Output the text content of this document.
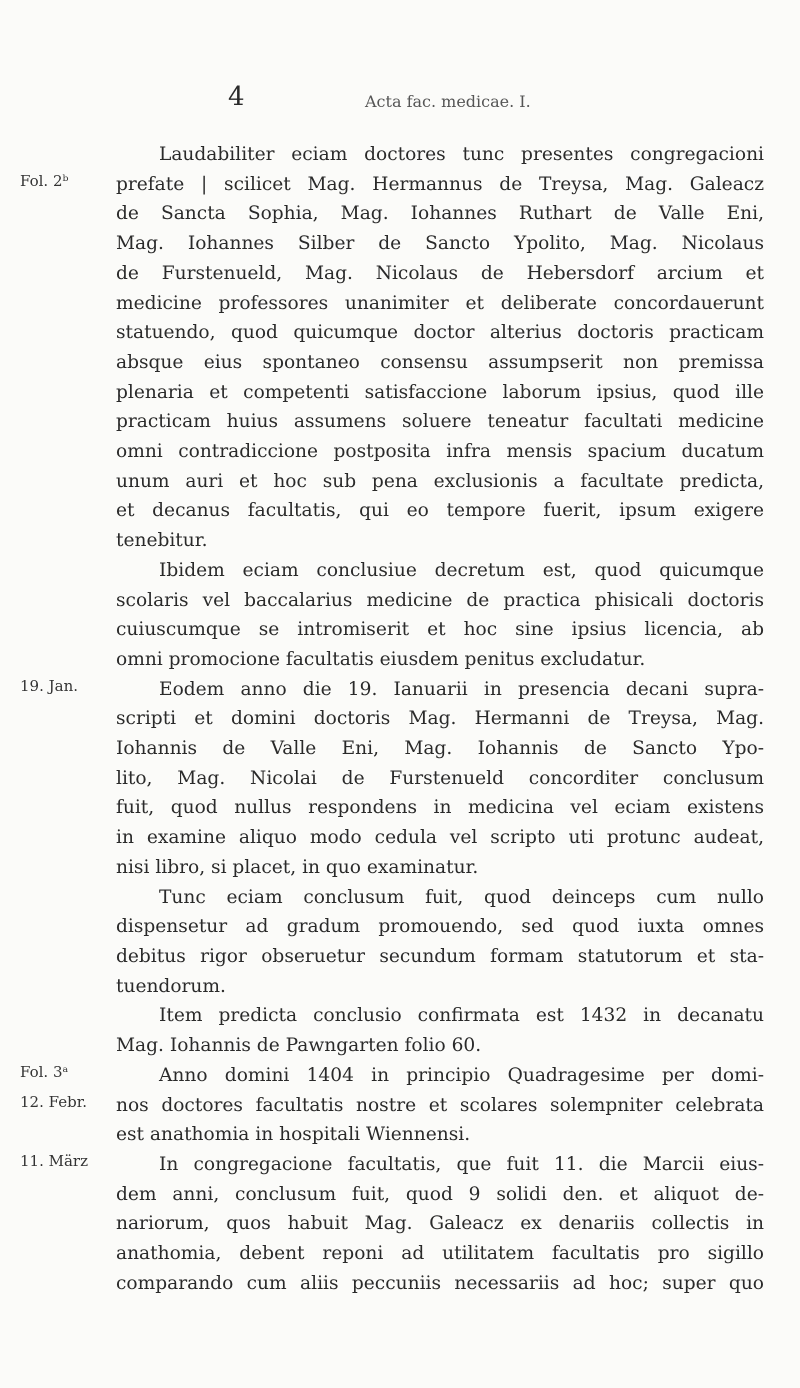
4	Acta fac. medicae. I.
Fol. 2ᵇ
19. Jan.
Fol. 3ᵃ
12. Febr.
11. März

Laudabiliter eciam doctores tunc presentes congregacioni
prefate | scilicet Mag. Hermannus de Treysa, Mag. Galeacz
de Sancta Sophia, Mag. Iohannes Ruthart de Valle Eni,
Mag. Iohannes Silber de Sancto Ypolito, Mag. Nicolaus
de Furstenueld, Mag. Nicolaus de Hebersdorf arcium et
medicine professores unanimiter et deliberate concordauerunt
statuendo, quod quicumque doctor alterius doctoris practicam
absque eius spontaneo consensu assumpserit non premissa
plenaria et competenti satisfaccione laborum ipsius, quod ille
practicam huius assumens soluere teneatur facultati medicine
omni contradiccione postposita infra mensis spacium ducatum
unum auri et hoc sub pena exclusionis a facultate predicta,
et decanus facultatis, qui eo tempore fuerit, ipsum exigere
tenebitur.

Ibidem eciam conclusiue decretum est, quod quicumque
scolaris vel baccalarius medicine de practica phisicali doctoris
cuiuscumque se intromiserit et hoc sine ipsius licencia, ab
omni promocione facultatis eiusdem penitus excludatur.

Eodem anno die 19. Ianuarii in presencia decani supra-
scripti et domini doctoris Mag. Hermanni de Treysa, Mag.
Iohannis de Valle Eni, Mag. Iohannis de Sancto Ypo-
lito, Mag. Nicolai de Furstenueld concorditer conclusum
fuit, quod nullus respondens in medicina vel eciam existens
in examine aliquo modo cedula vel scripto uti protunc audeat,
nisi libro, si placet, in quo examinatur.

Tunc eciam conclusum fuit, quod deinceps cum nullo
dispensetur ad gradum promouendo, sed quod iuxta omnes
debitus rigor obseruetur secundum formam statutorum et sta-
tuendorum.

Item predicta conclusio confirmata est 1432 in decanatu
Mag. Iohannis de Pawngarten folio 60.

Anno domini 1404 in principio Quadragesime per domi-
nos doctores facultatis nostre et scolares solempniter celebrata
est anathomia in hospitali Wiennensi.

In congregacione facultatis, que fuit 11. die Marcii eius-
dem anni, conclusum fuit, quod 9 solidi den. et aliquot de-
nariorum, quos habuit Mag. Galeacz ex denariis collectis in
anathomia, debent reponi ad utilitatem facultatis pro sigillo
comparando cum aliis peccuniis necessariis ad hoc; super quo
